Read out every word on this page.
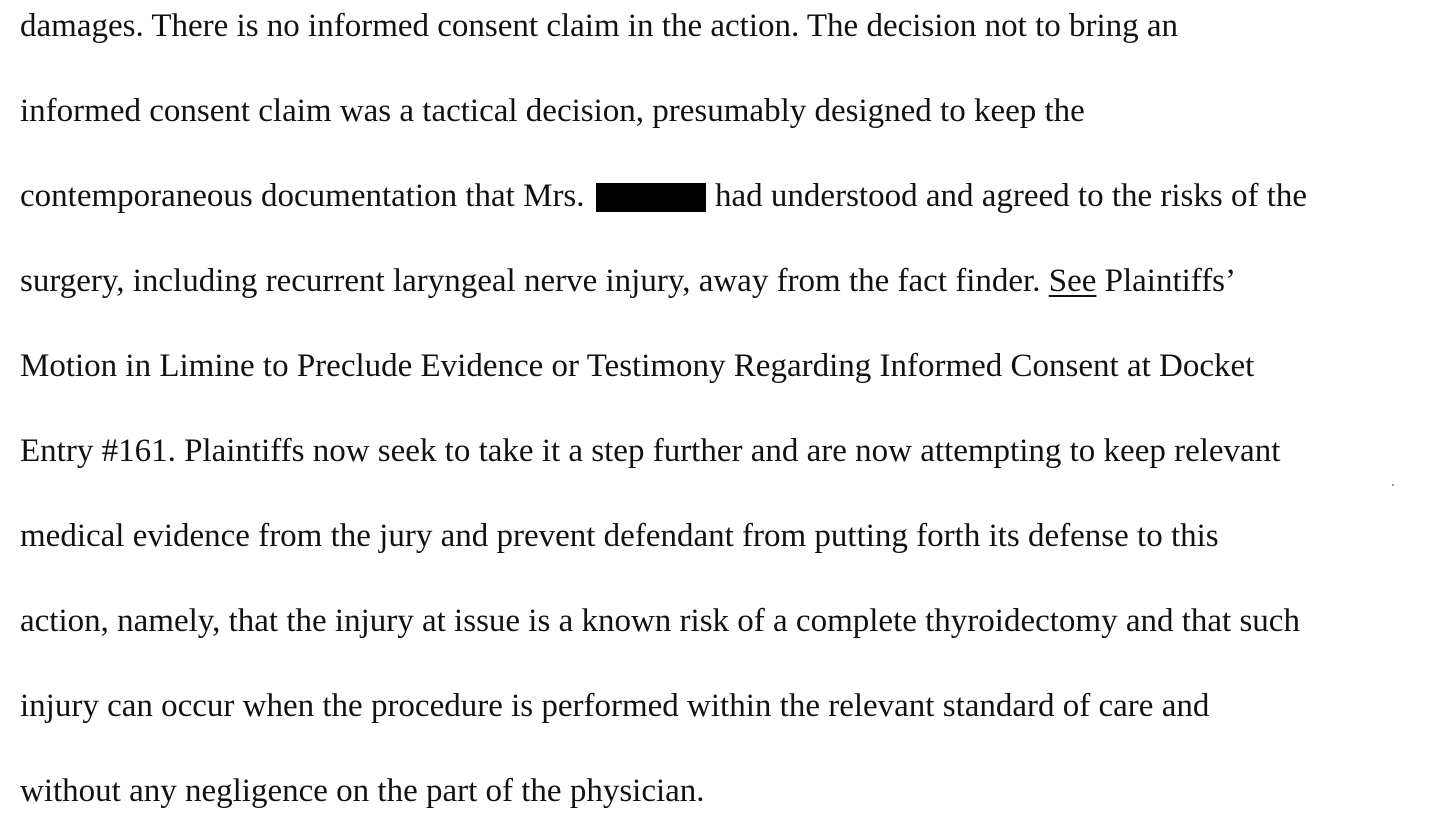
damages. There is no informed consent claim in the action. The decision not to bring an

informed consent claim was a tactical decision, presumably designed to keep the

contemporaneous documentation that Mrs.	had understood and agreed to the risks of the

surgery, including recurrent laryngeal nerve injury, away from the fact finder. See Plaintiffs’

Motion in Limine to Preclude Evidence or Testimony Regarding Informed Consent at Docket

Entry #161. Plaintiffs now seek to take it a step further and are now attempting to keep relevant

medical evidence from the jury and prevent defendant from putting forth its defense to this

action, namely, that the injury at issue is a known risk of a complete thyroidectomy and that such

injury can occur when the procedure is performed within the relevant standard of care and

without any negligence on the part of the physician.
